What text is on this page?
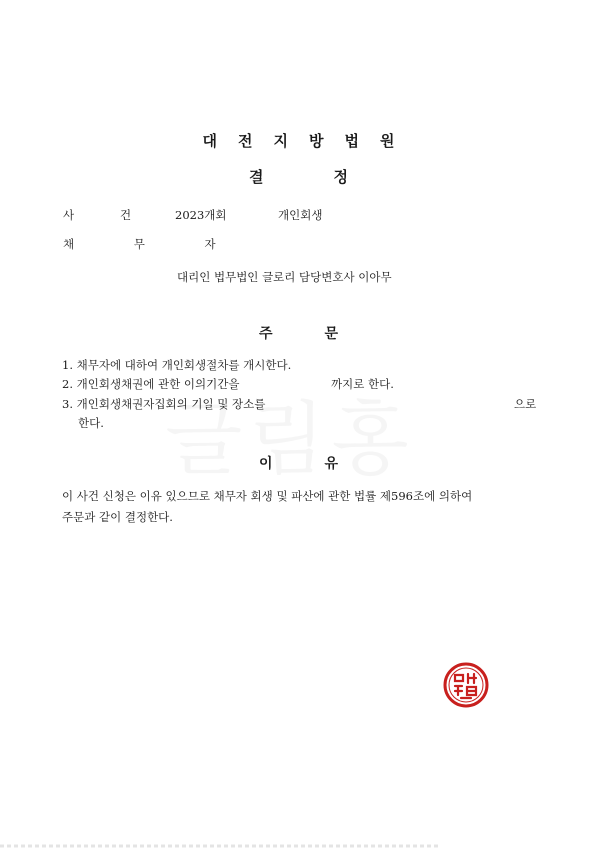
대전지방법원
결	정
사	건	2023개회	개인회생
채 무 자
대리인 법무법인 글로리 담당변호사 이아무
주	문
1. 채무자에 대하여 개인회생절차를 개시한다.
2. 개인회생채권에 관한 이의기간을	까지로 한다.
3. 개인회생채권자집회의 기일 및 장소를	으로
한다.
이	유
이 사건 신청은 이유 있으므로 채무자 회생 및 파산에 관한 법률 제596조에 의하여
주문과 같이 결정한다.
